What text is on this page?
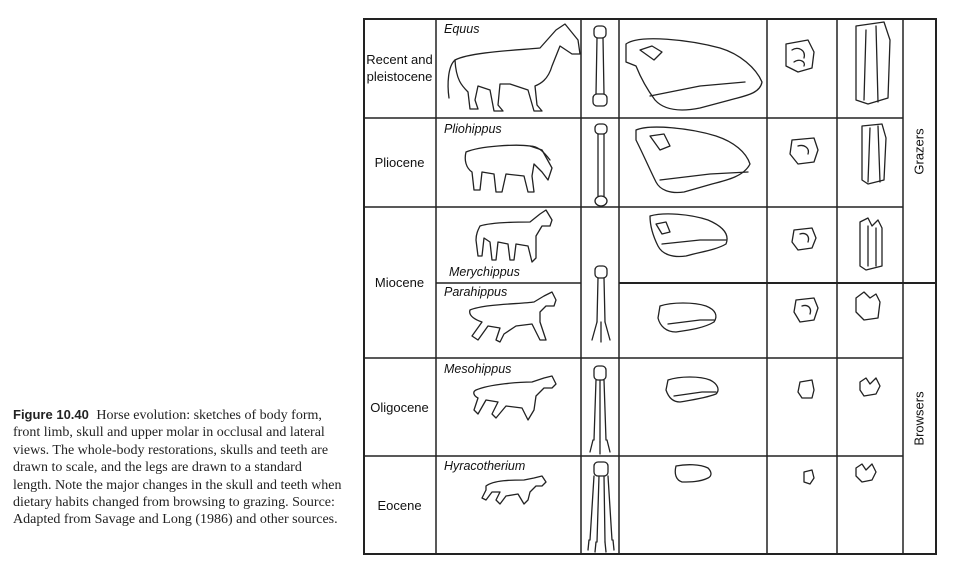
Figure 10.40 Horse evolution: sketches of body form, front limb, skull and upper molar in occlusal and lateral views. The whole-body restorations, skulls and teeth are drawn to scale, and the legs are drawn to a standard length. Note the major changes in the skull and teeth when dietary habits changed from browsing to grazing. Source: Adapted from Savage and Long (1986) and other sources.
Recent and pleistocene
Pliocene
Miocene
Oligocene
Eocene
Equus
Pliohippus
Merychippus
Parahippus
Mesohippus
Hyracotherium
Grazers
Browsers
